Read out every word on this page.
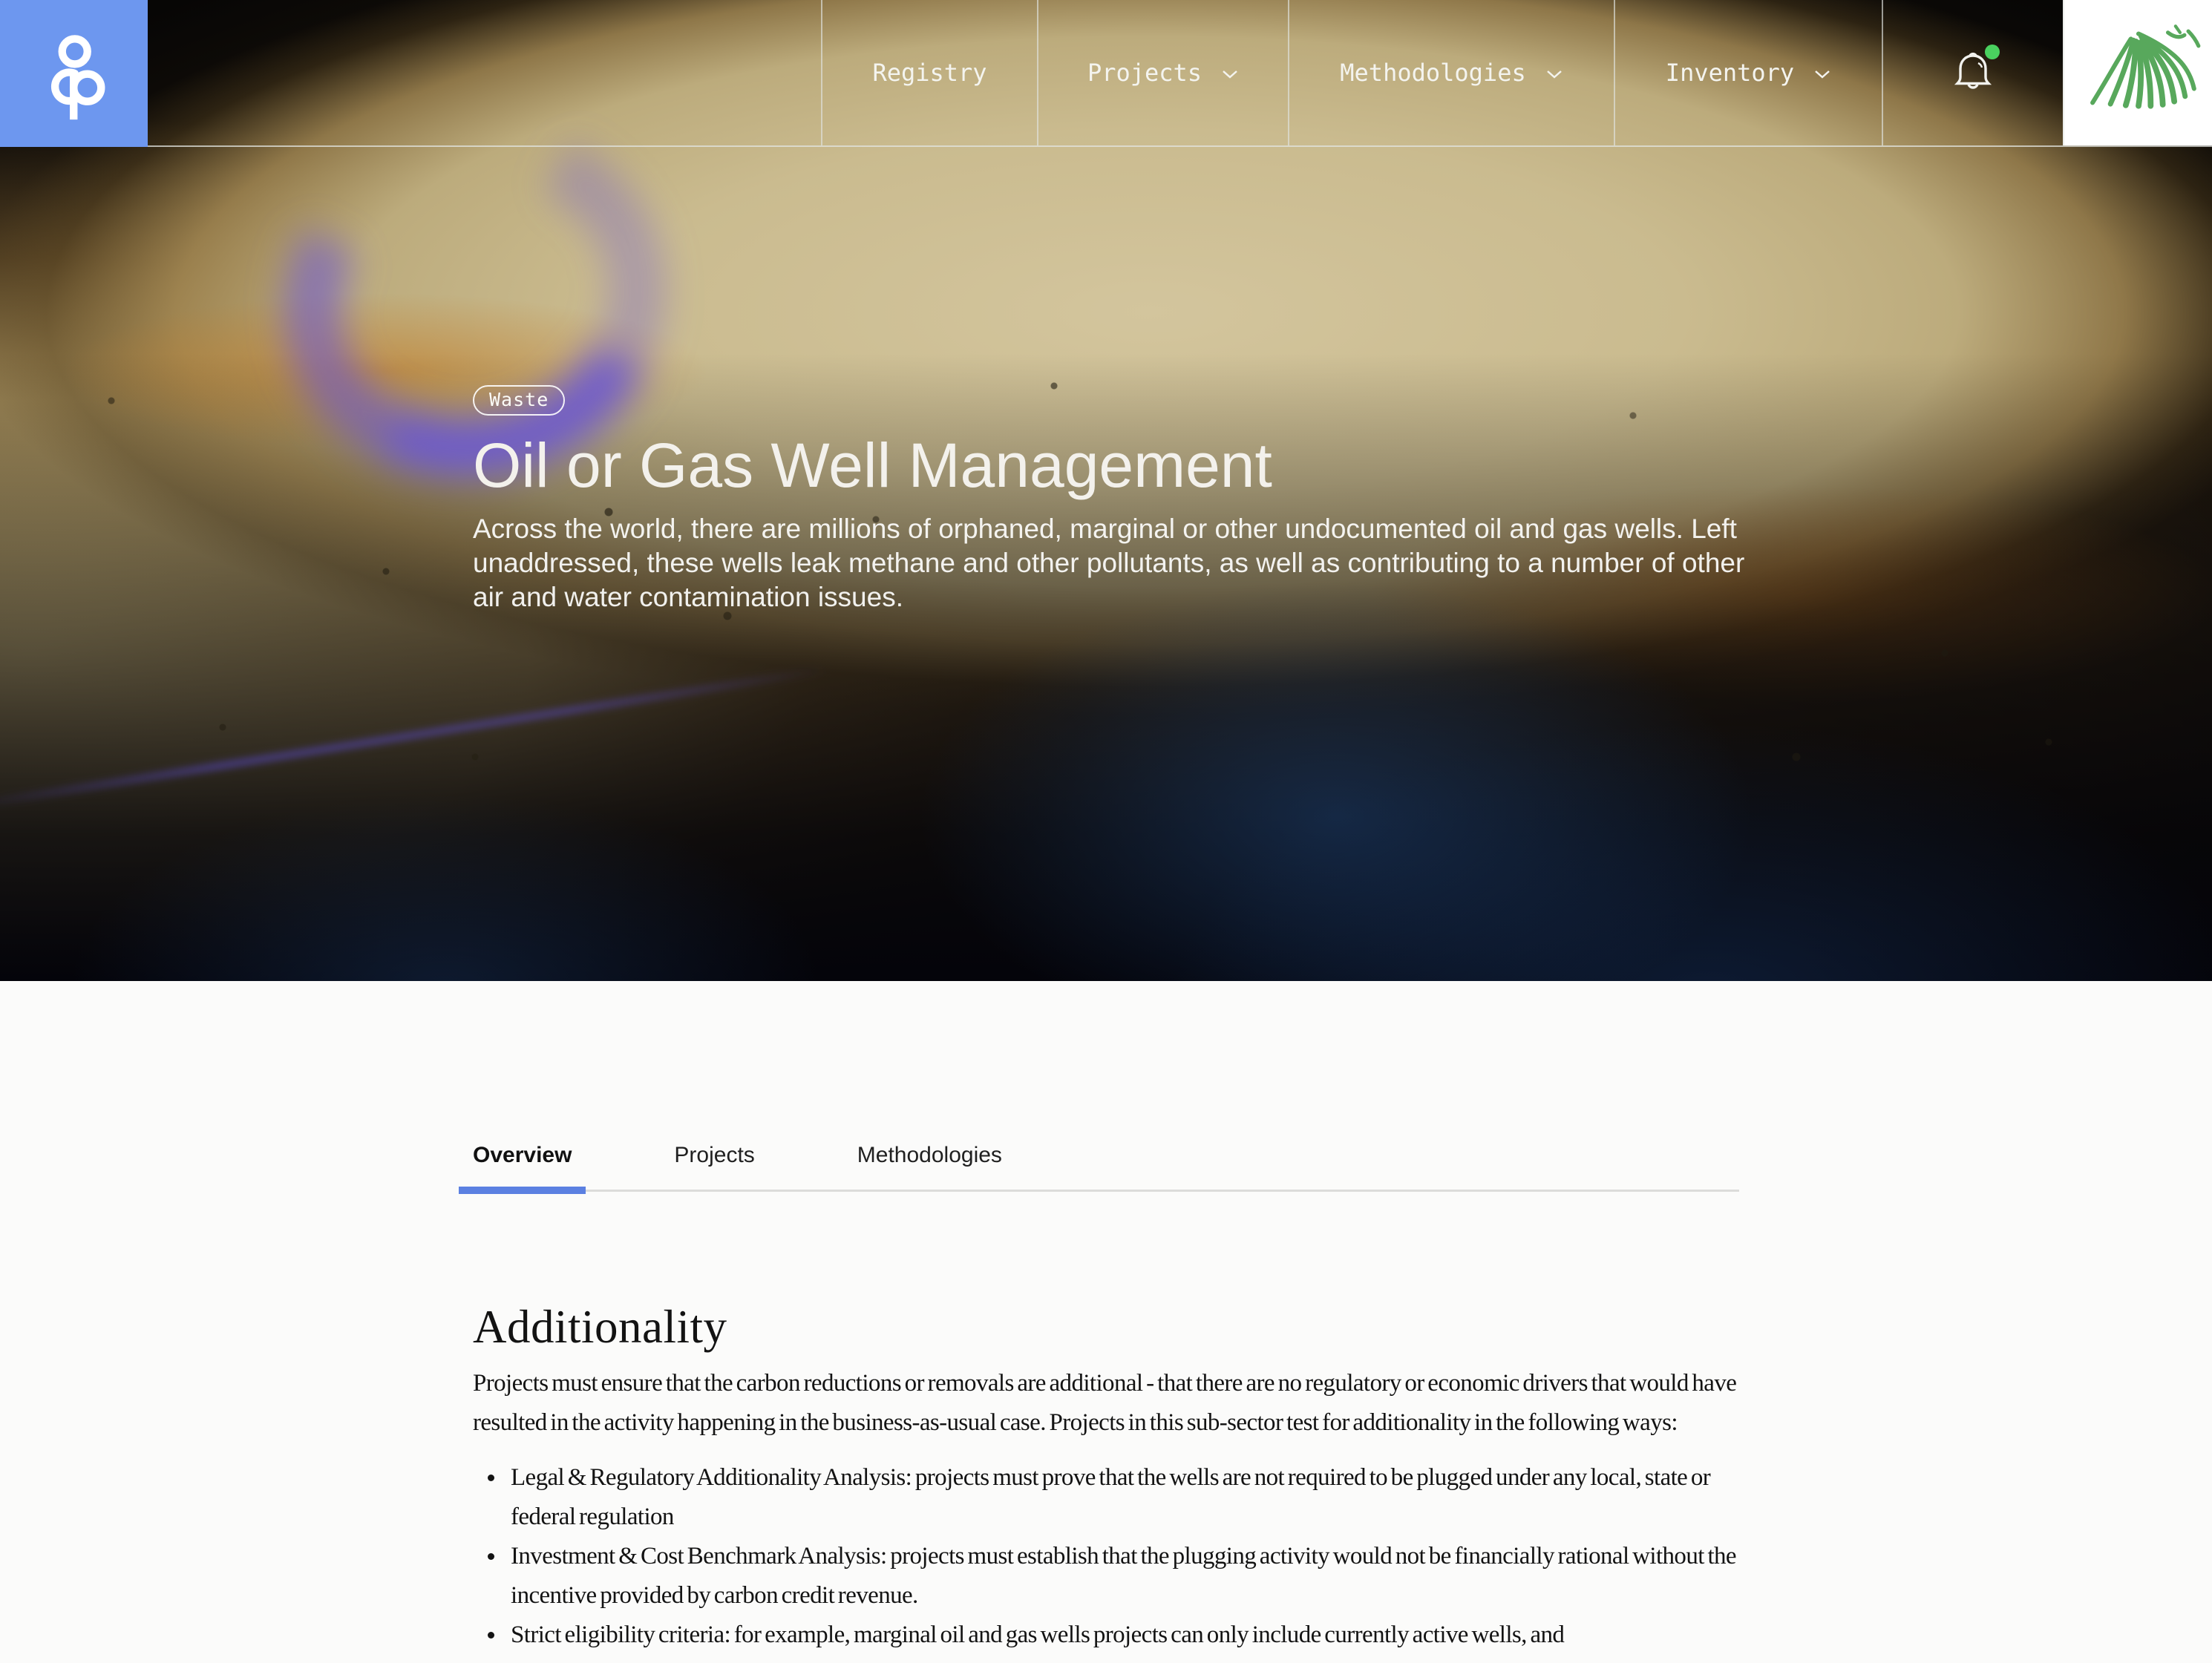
Waste
Oil or Gas Well Management

Across the world, there are millions of orphaned, marginal or other undocumented oil and gas wells. Left unaddressed, these wells leak methane and other pollutants, as well as contributing to a number of other air and water contamination issues.

Registry	Projects	Methodologies	Inventory
Overview	Projects	Methodologies
Additionality

Projects must ensure that the carbon reductions or removals are additional - that there are no regulatory or economic drivers that would have resulted in the activity happening in the business-as-usual case. Projects in this sub-sector test for additionality in the following ways:

Legal & Regulatory Additionality Analysis: projects must prove that the wells are not required to be plugged under any local, state or federal regulation
Investment & Cost Benchmark Analysis: projects must establish that the plugging activity would not be financially rational without the incentive provided by carbon credit revenue.
Strict eligibility criteria: for example, marginal oil and gas wells projects can only include currently active wells, and
